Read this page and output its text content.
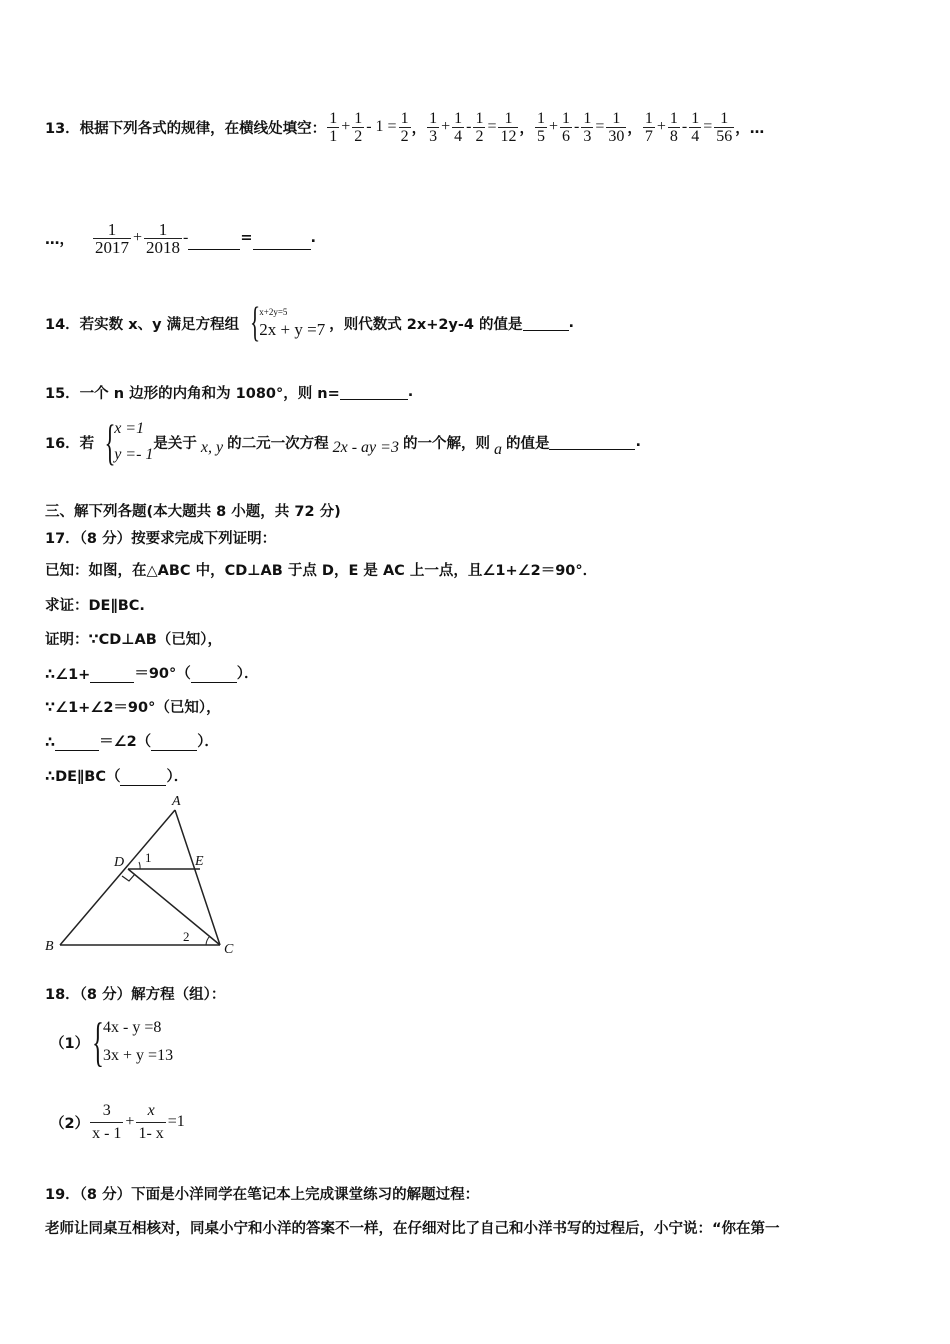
13．根据下列各式的规律，在横线处填空： $\frac{1}{1} + \frac{1}{2} - 1 = \frac{1}{2}$ ， $\frac{1}{3} + \frac{1}{4} - \frac{1}{2} = \frac{1}{12}$ ， $\frac{1}{5} + \frac{1}{6} - \frac{1}{3} = \frac{1}{30}$ ， $\frac{1}{7} + \frac{1}{8} - \frac{1}{4} = \frac{1}{56}$ ，…
…， $\frac{1}{2017} + \frac{1}{2018}$ -	=	.
14．若实数 x、y 满足方程组 { x+2y=5
2x + y =7 ，则代数式 2x+2y-4 的值是	.
15．一个 n 边形的内角和为 1080°，则 n=	.
16．若 {
x =1
y =- 1
是关于 x, y 的二元一次方程 2x - ay =3 的一个解，则 a 的值是	.
三、解下列各题(本大题共 8 小题，共 72 分)
17．（8 分）按要求完成下列证明：
已知：如图，在△ABC 中，CD⊥AB 于点 D，E 是 AC 上一点，且∠1+∠2＝90°．
求证：DE∥BC.
证明：∵CD⊥AB（已知），
∴∠1+	＝90°（	）．
∵∠1+∠2＝90°（已知），
∴	＝∠2（	）．
∴DE∥BC（	）．
A
B	C
D	E
1
2
18．（8 分）解方程（组）：
（1） { 4x - y =8
3x + y =13
$(2) \frac{3}{x - 1} + \frac{x}{1- x} =1$
19．（8 分）下面是小洋同学在笔记本上完成课堂练习的解题过程：
老师让同桌互相核对，同桌小宁和小洋的答案不一样，在仔细对比了自己和小洋书写的过程后，小宁说：“你在第一
